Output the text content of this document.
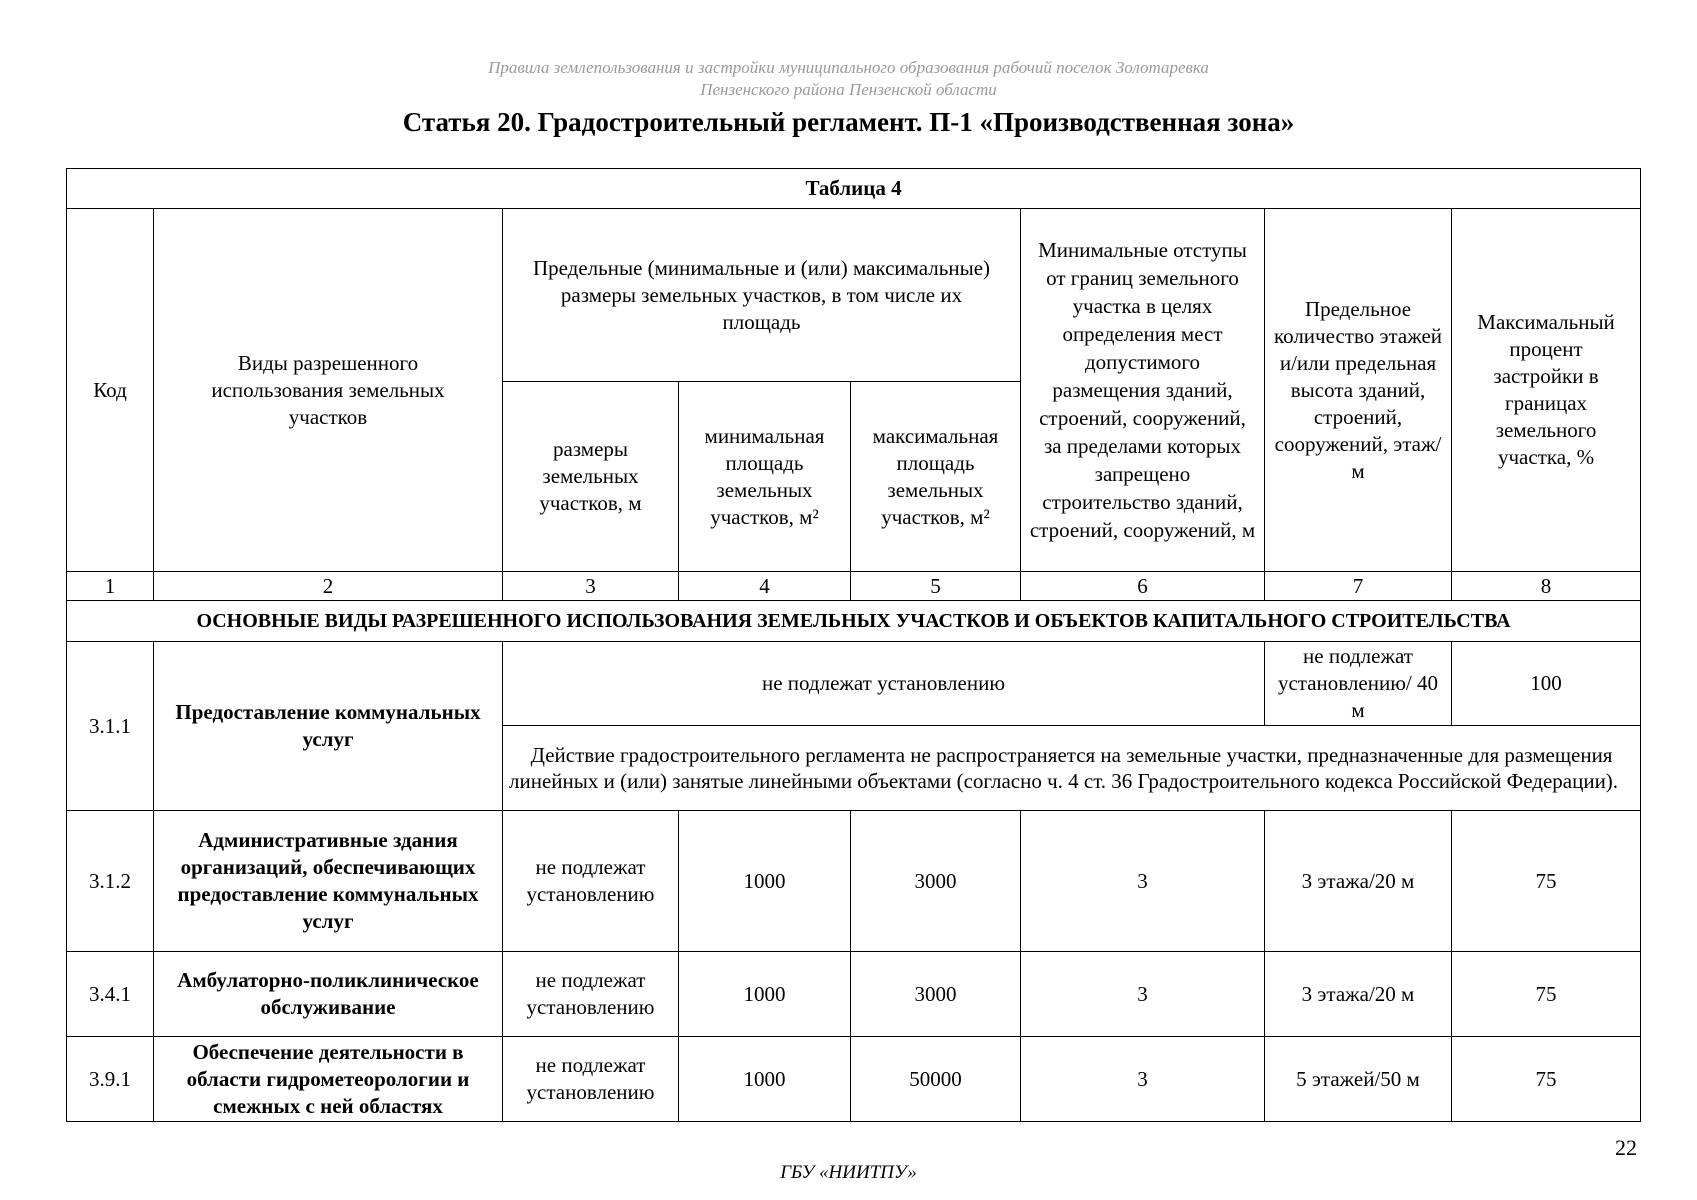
Правила землепользования и застройки муниципального образования рабочий поселок Золотаревка
Пензенского района Пензенской области
Статья 20. Градостроительный регламент. П-1 «Производственная зона»
Таблица 4							
Код	Виды разрешенного использования земельных участков	Предельные (минимальные и (или) максимальные) размеры земельных участков, в том числе их площадь			Минимальные отступы от границ земельного участка в целях определения мест допустимого размещения зданий, строений, сооружений, за пределами которых запрещено строительство зданий, строений, сооружений, м	Предельное количество этажей и/или предельная высота зданий, строений, сооружений, этаж/м	Максимальный процент застройки в границах земельного участка, %
		размеры земельных участков, м	минимальная площадь земельных участков, м²	максимальная площадь земельных участков, м²			
1	2	3	4	5	6	7	8
ОСНОВНЫЕ ВИДЫ РАЗРЕШЕННОГО ИСПОЛЬЗОВАНИЯ ЗЕМЕЛЬНЫХ УЧАСТКОВ И ОБЪЕКТОВ КАПИТАЛЬНОГО СТРОИТЕЛЬСТВА							
3.1.1	Предоставление коммунальных услуг	не подлежат установлению				не подлежат установлению/ 40 м	100
		Действие градостроительного регламента не распространяется на земельные участки, предназначенные для размещения линейных и (или) занятые линейными объектами (согласно ч. 4 ст. 36 Градостроительного кодекса Российской Федерации).					
3.1.2	Административные здания организаций, обеспечивающих предоставление коммунальных услуг	не подлежат установлению	1000	3000	3	3 этажа/20 м	75
3.4.1	Амбулаторно-поликлиническое обслуживание	не подлежат установлению	1000	3000	3	3 этажа/20 м	75
3.9.1	Обеспечение деятельности в области гидрометеорологии и смежных с ней областях	не подлежат установлению	1000	50000	3	5 этажей/50 м	75
22
ГБУ «НИИТПУ»
